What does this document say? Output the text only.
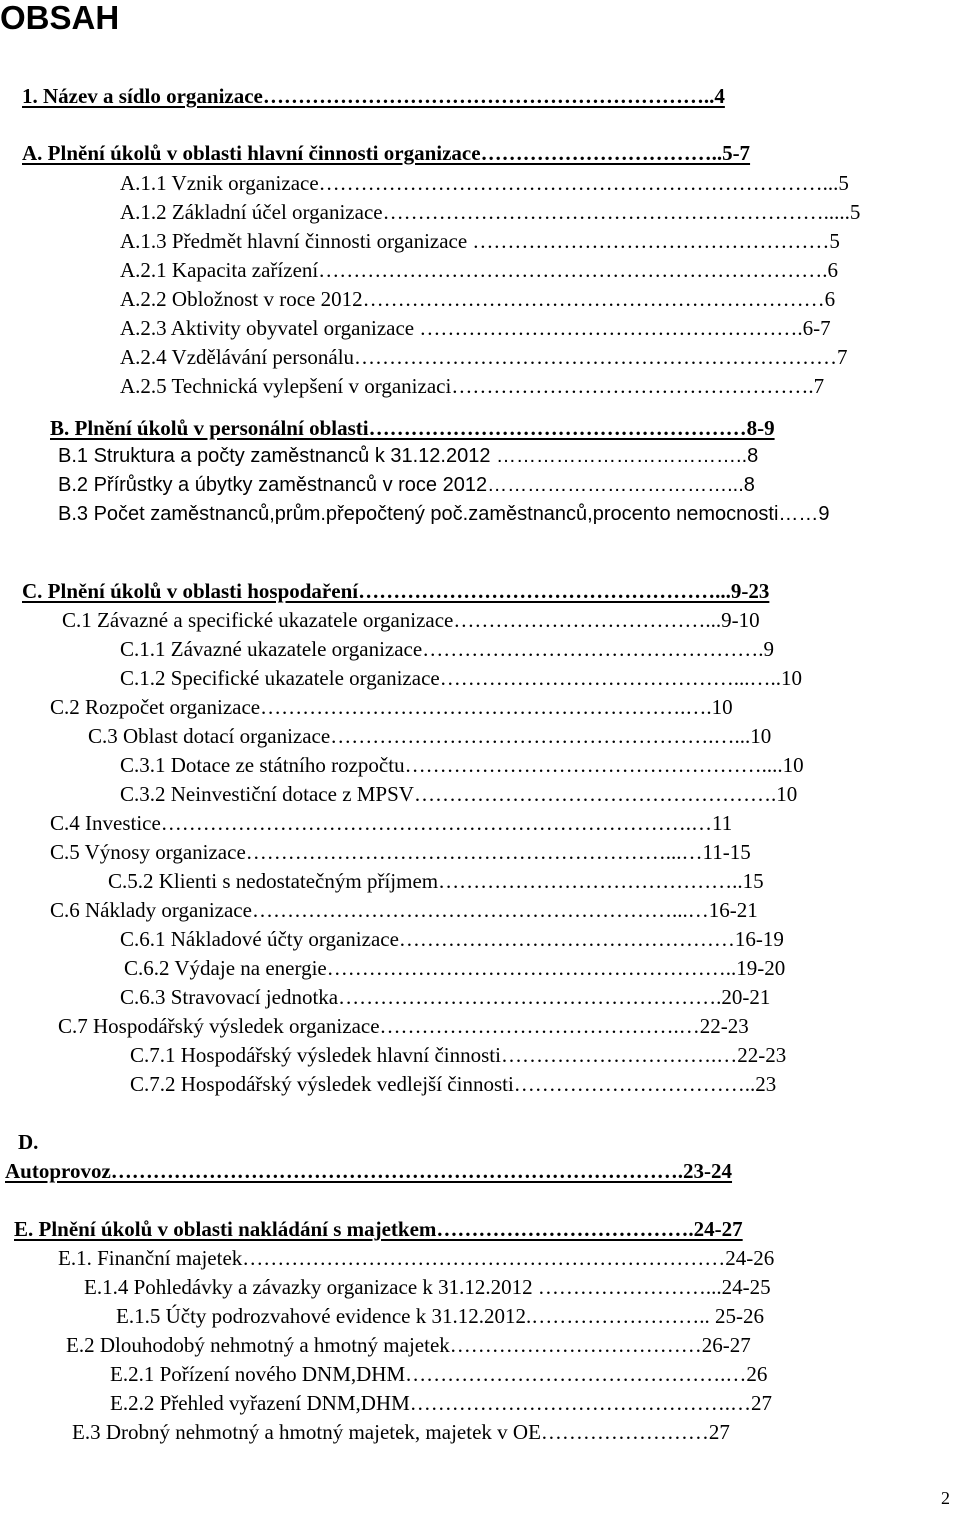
OBSAH
1. Název a sídlo organizace………………………………………………………..4
A. Plnění úkolů v oblasti hlavní činnosti organizace……………………………..5-7
A.1.1 Vznik organizace………………………………………………………………...5
A.1.2 Základní účel organizace……………………………………………………….....5
A.1.3 Předmět hlavní činnosti organizace ……………………………………………5
A.2.1 Kapacita zařízení……………………………………………………………….6
A.2.2 Obložnost v roce 2012…………………………………………………………6
A.2.3 Aktivity obyvatel organizace ……………………………………………….6-7
A.2.4 Vzdělávání personálu……………………………………………………………7
A.2.5 Technická vylepšení v organizaci…………………………………………….7
B. Plnění úkolů v personální oblasti………………………………………………8-9
B.1 Struktura a počty zaměstnanců k 31.12.2012 ………………………………..8
B.2 Přírůstky a úbytky zaměstnanců v roce 2012………………………………...8
B.3 Počet zaměstnanců,prům.přepočtený poč.zaměstnanců,procento nemocnosti……9
C. Plnění úkolů v oblasti hospodaření……………………………………………...9-23
C.1 Závazné a specifické ukazatele organizace………………………………...9-10
C.1.1 Závazné ukazatele organizace………………………………………….9
C.1.2 Specifické ukazatele organizace……………………………………...…..10
C.2 Rozpočet organizace…………………………………………………….….10
C.3 Oblast dotací organizace……………………………………………….…...10
C.3.1 Dotace ze státního rozpočtu……………………………………………....10
C.3.2 Neinvestiční dotace z MPSV…………………………………………….10
C.4 Investice………………………………………………………………….…11
C.5 Výnosy organizace……………………………………………………...…11-15
C.5.2 Klienti s nedostatečným příjmem……………………………………..15
C.6 Náklady organizace……………………………………………………...…16-21
C.6.1 Nákladové účty organizace…………………………………………16-19
C.6.2 Výdaje na energie…………………………………………………..19-20
C.6.3 Stravovací jednotka……………………………………………….20-21
C.7 Hospodářský výsledek organizace…………………………………….…22-23
C.7.1 Hospodářský výsledek hlavní činnosti………………………….…22-23
C.7.2 Hospodářský výsledek vedlejší činnosti……………………………..23
D.
Autoprovoz……………………………………………………………………….23-24
E. Plnění úkolů v oblasti nakládání s majetkem……………………………….24-27
E.1. Finanční majetek……………………………………………………………24-26
E.1.4 Pohledávky a závazky organizace k 31.12.2012 ……………………...24-25
E.1.5 Účty podrozvahové evidence k 31.12.2012.…………………….. 25-26
E.2 Dlouhodobý nehmotný a hmotný majetek………………………………26-27
E.2.1 Pořízení nového DNM,DHM……………………………………….…26
E.2.2 Přehled vyřazení DNM,DHM……………………………………….…27
E.3 Drobný nehmotný a hmotný majetek, majetek v OE……………………27
2
